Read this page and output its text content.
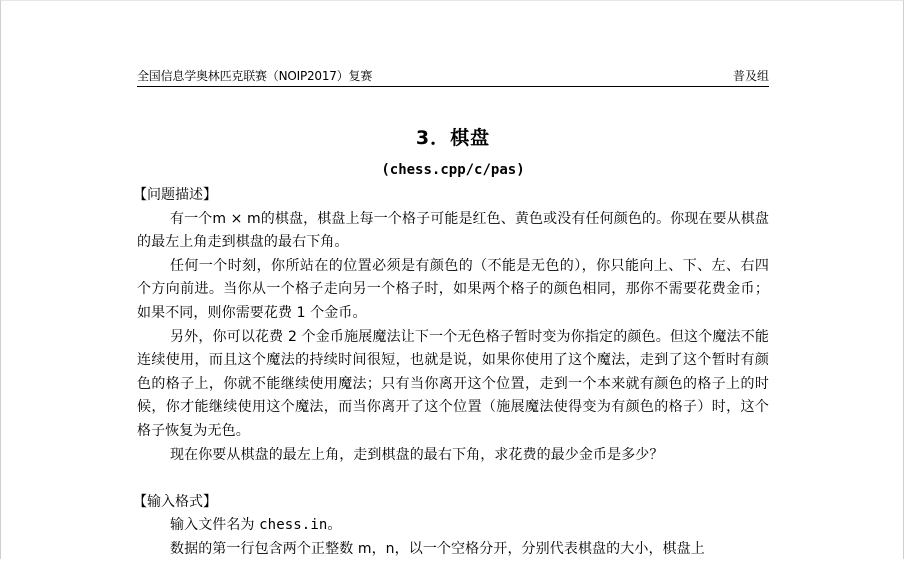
全国信息学奥林匹克联赛（NOIP2017）复赛	普及组
3．棋盘
(chess.cpp/c/pas)

【问题描述】

有一个m × m的棋盘，棋盘上每一个格子可能是红色、黄色或没有任何颜色的。你现在要从棋盘的最左上角走到棋盘的最右下角。

任何一个时刻，你所站在的位置必须是有颜色的（不能是无色的），你只能向上、下、左、右四个方向前进。当你从一个格子走向另一个格子时，如果两个格子的颜色相同，那你不需要花费金币；如果不同，则你需要花费 1 个金币。

另外，你可以花费 2 个金币施展魔法让下一个无色格子暂时变为你指定的颜色。但这个魔法不能连续使用，而且这个魔法的持续时间很短，也就是说，如果你使用了这个魔法，走到了这个暂时有颜色的格子上，你就不能继续使用魔法；只有当你离开这个位置，走到一个本来就有颜色的格子上的时候，你才能继续使用这个魔法，而当你离开了这个位置（施展魔法使得变为有颜色的格子）时，这个格子恢复为无色。

现在你要从棋盘的最左上角，走到棋盘的最右下角，求花费的最少金币是多少？

【输入格式】

输入文件名为 chess.in。

数据的第一行包含两个正整数 m，n，以一个空格分开，分别代表棋盘的大小，棋盘上
